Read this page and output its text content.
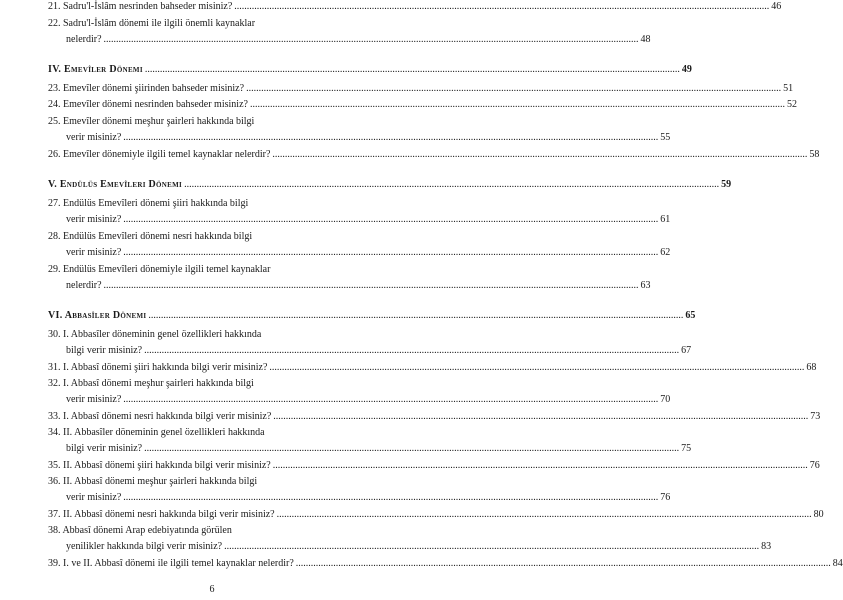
21. Sadru'l-İslâm nesrinden bahseder misiniz? .....	46
22. Sadru'l-İslâm dönemi ile ilgili önemli kaynaklar
nelerdir? .....	48
IV. Emevîler Dönemi .....	49
23. Emevîler dönemi şiirinden bahseder misiniz? .....	51
24. Emevîler dönemi nesrinden bahseder misiniz? .....	52
25. Emevîler dönemi meşhur şairleri hakkında bilgi
verir misiniz? .....	55
26. Emevîler dönemiyle ilgili temel kaynaklar nelerdir? .....	58
V. Endülüs Emevîleri Dönemi .....	59
27. Endülüs Emevîleri dönemi şiiri hakkında bilgi
verir misiniz? .....	61
28. Endülüs Emevîleri dönemi nesri hakkında bilgi
verir misiniz? .....	62
29. Endülüs Emevîleri dönemiyle ilgili temel kaynaklar
nelerdir? .....	63
VI. Abbasîler Dönemi .....	65
30. I. Abbasîler döneminin genel özellikleri hakkında
bilgi verir misiniz? .....	67
31. I. Abbasî dönemi şiiri hakkında bilgi verir misiniz? .....	68
32. I. Abbasî dönemi meşhur şairleri hakkında bilgi
verir misiniz? .....	70
33. I. Abbasî dönemi nesri hakkında bilgi verir misiniz? .....	73
34. II. Abbasîler döneminin genel özellikleri hakkında
bilgi verir misiniz? .....	75
35. II. Abbasî dönemi şiiri hakkında bilgi verir misiniz? .....	76
36. II. Abbasî dönemi meşhur şairleri hakkında bilgi
verir misiniz? .....	76
37. II. Abbasî dönemi nesri hakkında bilgi verir misiniz? .....	80
38. Abbasî dönemi Arap edebiyatında görülen
yenilikler hakkında bilgi verir misiniz? .....	83
39. I. ve II. Abbasî dönemi ile ilgili temel kaynaklar nelerdir? .....	84
6
